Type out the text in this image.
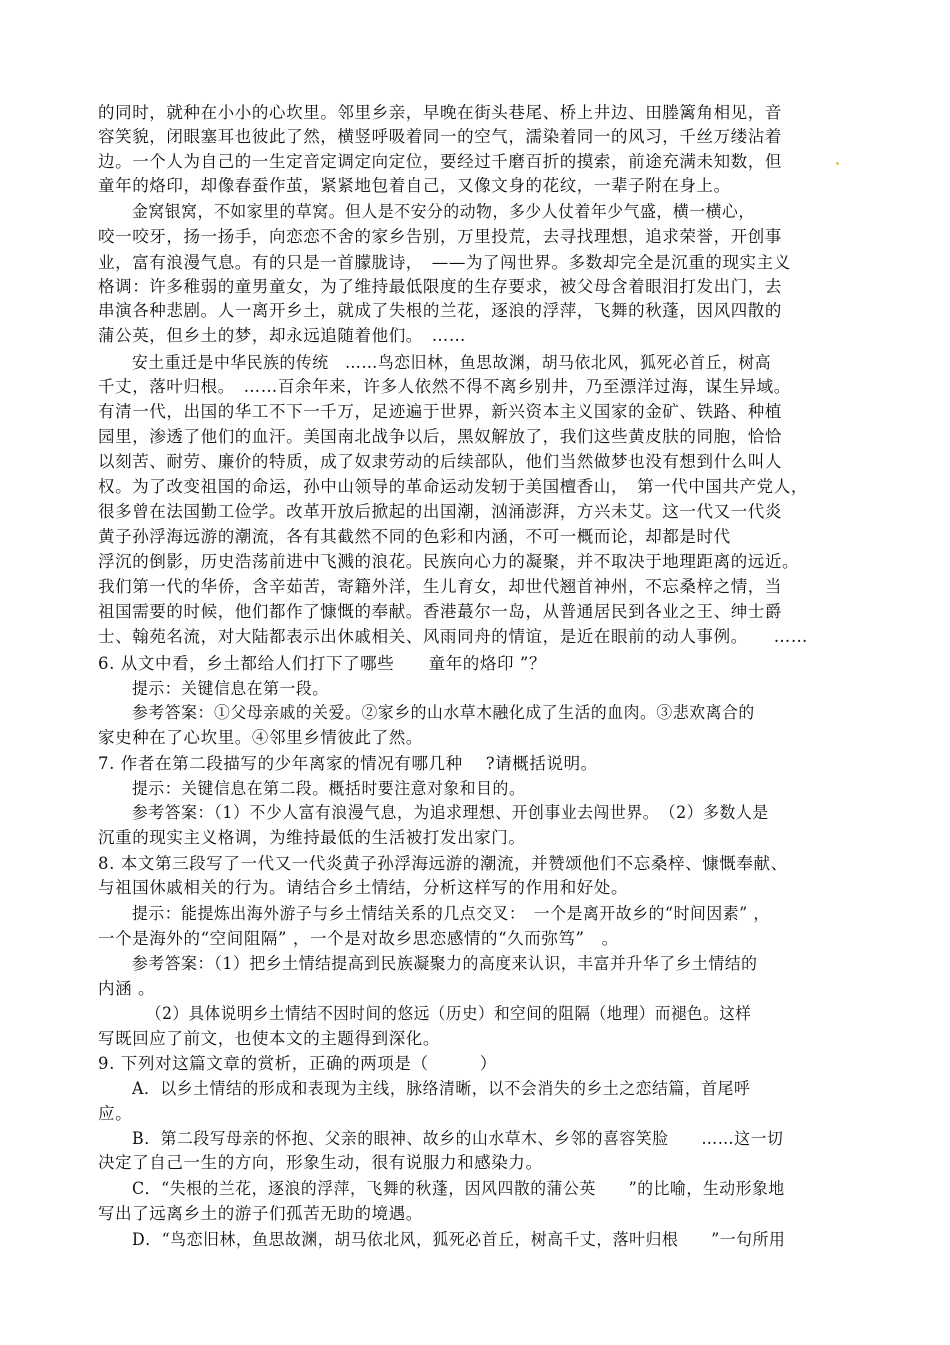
的同时，就种在小小的心坎里。邻里乡亲，早晚在街头巷尾、桥上井边、田塍篱角相见，音
容笑貌，闭眼塞耳也彼此了然，横竖呼吸着同一的空气，濡染着同一的风习，千丝万缕沾着
边。一个人为自己的一生定音定调定向定位，要经过千磨百折的摸索，前途充满未知数，但
童年的烙印，却像春蚕作茧，紧紧地包着自己，又像文身的花纹，一辈子附在身上。
金窝银窝，不如家里的草窝。但人是不安分的动物，多少人仗着年少气盛，横一横心，
咬一咬牙，扬一扬手，向恋恋不舍的家乡告别，万里投荒，去寻找理想，追求荣誉，开创事
业，富有浪漫气息。有的只是一首朦胧诗，　——为了闯世界。多数却完全是沉重的现实主义
格调：许多稚弱的童男童女，为了维持最低限度的生存要求，被父母含着眼泪打发出门，去
串演各种悲剧。人一离开乡土，就成了失根的兰花，逐浪的浮萍，飞舞的秋蓬，因风四散的
蒲公英，但乡土的梦，却永远追随着他们。　……
安土重迁是中华民族的传统　……鸟恋旧林，鱼思故渊，胡马依北风，狐死必首丘，树高
千丈，落叶归根。　……百余年来，许多人依然不得不离乡别井，乃至漂洋过海，谋生异域。
有清一代，出国的华工不下一千万，足迹遍于世界，新兴资本主义国家的金矿、铁路、种植
园里，渗透了他们的血汗。美国南北战争以后，黑奴解放了，我们这些黄皮肤的同胞，恰恰
以刻苦、耐劳、廉价的特质，成了奴隶劳动的后续部队，他们当然做梦也没有想到什么叫人
权。为了改变祖国的命运，孙中山领导的革命运动发轫于美国檀香山，　第一代中国共产党人，
很多曾在法国勤工俭学。改革开放后掀起的出国潮，汹涌澎湃，方兴未艾。这一代又一代炎
黄子孙浮海远游的潮流，各有其截然不同的色彩和内涵，不可一概而论，却都是时代
浮沉的倒影，历史浩荡前进中飞溅的浪花。民族向心力的凝聚，并不取决于地理距离的远近。
我们第一代的华侨，含辛茹苦，寄籍外洋，生儿育女，却世代翘首神州，不忘桑梓之情，当
祖国需要的时候，他们都作了慷慨的奉献。香港蕞尔一岛，从普通居民到各业之王、绅士爵
士、翰苑名流，对大陆都表示出休戚相关、风雨同舟的情谊，是近在眼前的动人事例。　　……
6. 从文中看，乡土都给人们打下了哪些　　童年的烙印 ”？
提示：关键信息在第一段。
参考答案：①父母亲戚的关爱。②家乡的山水草木融化成了生活的血肉。③悲欢离合的
家史种在了心坎里。④邻里乡情彼此了然。
7. 作者在第二段描写的少年离家的情况有哪几种　 ?请概括说明。
提示：关键信息在第二段。概括时要注意对象和目的。
参考答案：（1）不少人富有浪漫气息，为追求理想、开创事业去闯世界。　（2）多数人是
沉重的现实主义格调，为维持最低的生活被打发出家门。
8. 本文第三段写了一代又一代炎黄子孙浮海远游的潮流，并赞颂他们不忘桑梓、慷慨奉献、
与祖国休戚相关的行为。请结合乡土情结，分析这样写的作用和好处。
提示：能提炼出海外游子与乡土情结关系的几点交叉：　一个是离开故乡的“时间因素” ，
一个是海外的“空间阻隔” ，一个是对故乡思恋感情的“久而弥笃”　。
参考答案：（1）把乡土情结提高到民族凝聚力的高度来认识，丰富并升华了乡土情结的
内涵 。
（2）具体说明乡土情结不因时间的悠远（历史）和空间的阻隔（地理）而褪色。这样
写既回应了前文，也使本文的主题得到深化。
9. 下列对这篇文章的赏析，正确的两项是（　　　）
A．以乡土情结的形成和表现为主线，脉络清晰，以不会消失的乡土之恋结篇，首尾呼
应。
B．第二段写母亲的怀抱、父亲的眼神、故乡的山水草木、乡邻的喜容笑脸　　……这一切
决定了自己一生的方向，形象生动，很有说服力和感染力。
C．“失根的兰花，逐浪的浮萍，飞舞的秋蓬，因风四散的蒲公英　　”的比喻，生动形象地
写出了远离乡土的游子们孤苦无助的境遇。
D．“鸟恋旧林，鱼思故渊，胡马依北风，狐死必首丘，树高千丈，落叶归根　　”一句所用
